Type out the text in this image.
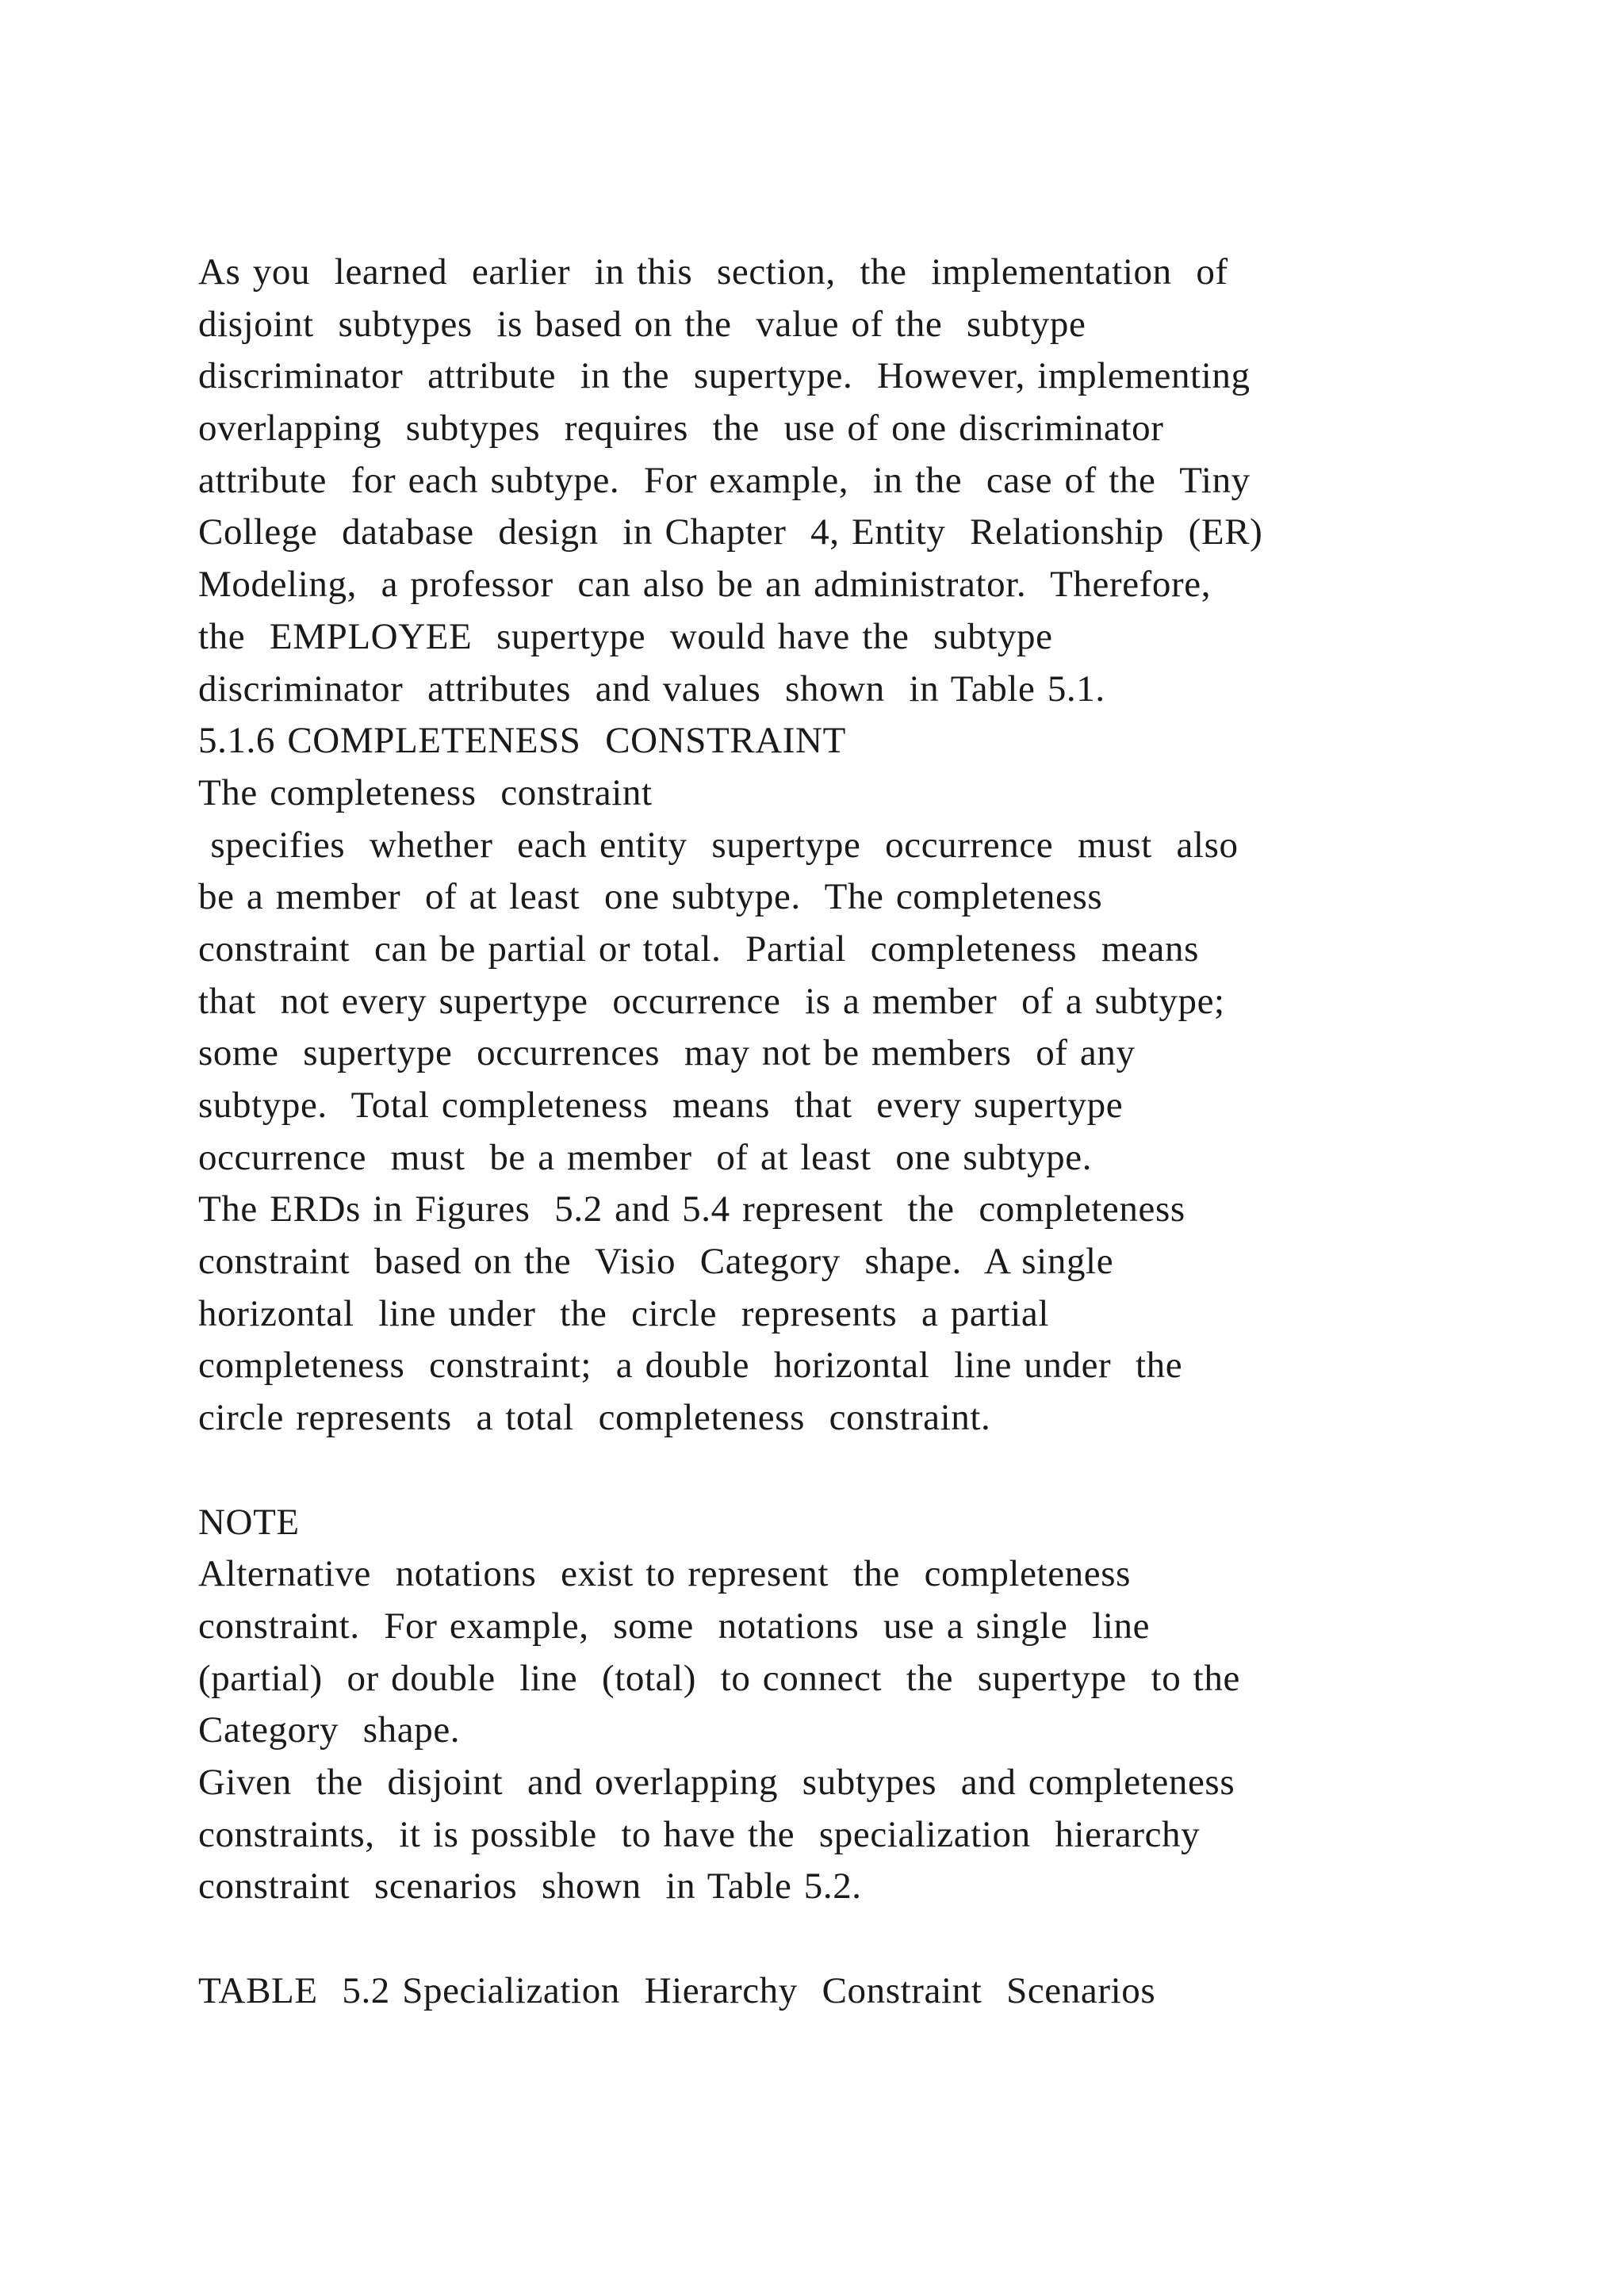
As you  learned  earlier  in this  section,  the  implementation  of
disjoint  subtypes  is based on the  value of the  subtype
discriminator  attribute  in the  supertype.  However, implementing
overlapping  subtypes  requires  the  use of one discriminator
attribute  for each subtype.  For example,  in the  case of the  Tiny
College  database  design  in Chapter  4, Entity  Relationship  (ER)
Modeling,  a professor  can also be an administrator.  Therefore,
the  EMPLOYEE  supertype  would have the  subtype
discriminator  attributes  and values  shown  in Table 5.1.
5.1.6 COMPLETENESS  CONSTRAINT
The completeness  constraint
specifies  whether  each entity  supertype  occurrence  must  also
be a member  of at least  one subtype.  The completeness
constraint  can be partial or total.  Partial  completeness  means
that  not every supertype  occurrence  is a member  of a subtype;
some  supertype  occurrences  may not be members  of any
subtype.  Total completeness  means  that  every supertype
occurrence  must  be a member  of at least  one subtype.
The ERDs in Figures  5.2 and 5.4 represent  the  completeness
constraint  based on the  Visio  Category  shape.  A single
horizontal  line under  the  circle  represents  a partial
completeness  constraint;  a double  horizontal  line under  the
circle represents  a total  completeness  constraint.
NOTE
Alternative  notations  exist to represent  the  completeness
constraint.  For example,  some  notations  use a single  line
(partial)  or double  line  (total)  to connect  the  supertype  to the
Category  shape.
Given  the  disjoint  and overlapping  subtypes  and completeness
constraints,  it is possible  to have the  specialization  hierarchy
constraint  scenarios  shown  in Table 5.2.
TABLE  5.2 Specialization  Hierarchy  Constraint  Scenarios
